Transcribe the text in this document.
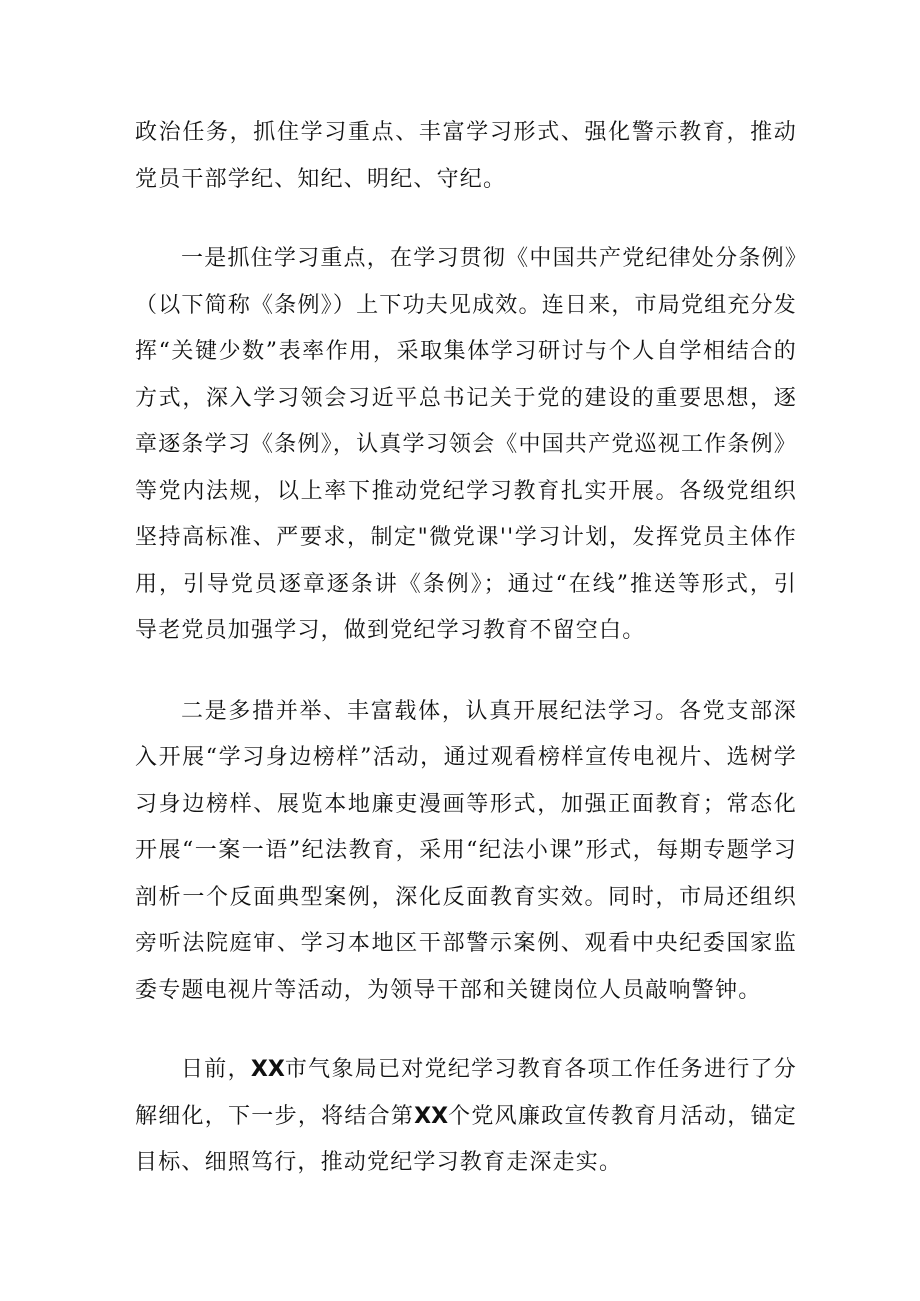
政治任务，抓住学习重点、丰富学习形式、强化警示教育，推动党员干部学纪、知纪、明纪、守纪。

一是抓住学习重点，在学习贯彻《中国共产党纪律处分条例》（以下简称《条例》）上下功夫见成效。连日来，市局党组充分发挥“关键少数”表率作用，采取集体学习研讨与个人自学相结合的方式，深入学习领会习近平总书记关于党的建设的重要思想，逐章逐条学习《条例》，认真学习领会《中国共产党巡视工作条例》等党内法规，以上率下推动党纪学习教育扎实开展。各级党组织坚持高标准、严要求，制定"微党课''学习计划，发挥党员主体作用，引导党员逐章逐条讲《条例》；通过“在线”推送等形式，引导老党员加强学习，做到党纪学习教育不留空白。

二是多措并举、丰富载体，认真开展纪法学习。各党支部深入开展“学习身边榜样”活动，通过观看榜样宣传电视片、选树学习身边榜样、展览本地廉吏漫画等形式，加强正面教育；常态化开展“一案一语”纪法教育，采用“纪法小课”形式，每期专题学习剖析一个反面典型案例，深化反面教育实效。同时，市局还组织旁听法院庭审、学习本地区干部警示案例、观看中央纪委国家监委专题电视片等活动，为领导干部和关键岗位人员敲响警钟。

日前，XX市气象局已对党纪学习教育各项工作任务进行了分解细化，下一步，将结合第XX个党风廉政宣传教育月活动，锚定目标、细照笃行，推动党纪学习教育走深走实。
